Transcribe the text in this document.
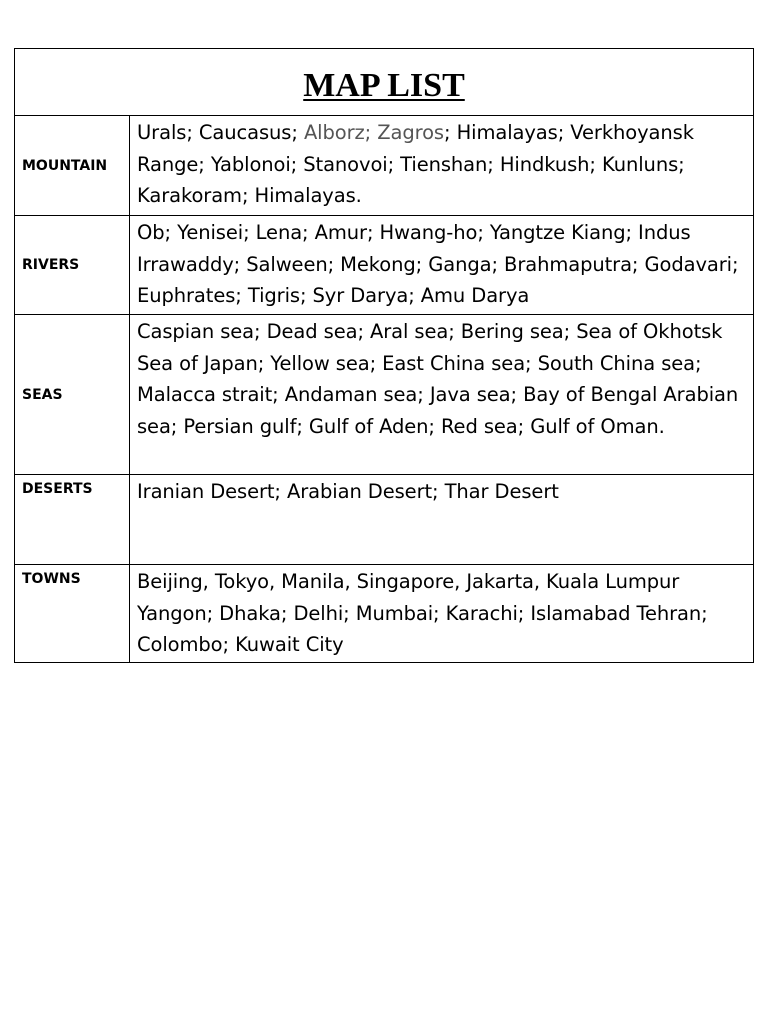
MAP LIST	
MOUNTAIN	Urals; Caucasus; Alborz; Zagros; Himalayas; Verkhoyansk Range; Yablonoi; Stanovoi; Tienshan; Hindkush; Kunluns; Karakoram; Himalayas.
RIVERS	Ob; Yenisei; Lena; Amur; Hwang-ho; Yangtze Kiang; Indus Irrawaddy; Salween; Mekong; Ganga; Brahmaputra; Godavari; Euphrates; Tigris; Syr Darya; Amu Darya
SEAS	Caspian sea; Dead sea; Aral sea; Bering sea; Sea of Okhotsk Sea of Japan; Yellow sea; East China sea; South China sea; Malacca strait; Andaman sea; Java sea; Bay of Bengal Arabian sea; Persian gulf; Gulf of Aden; Red sea; Gulf of Oman.
DESERTS	Iranian Desert; Arabian Desert; Thar Desert
TOWNS	Beijing, Tokyo, Manila, Singapore, Jakarta, Kuala Lumpur Yangon; Dhaka; Delhi; Mumbai; Karachi; Islamabad Tehran; Colombo; Kuwait City
